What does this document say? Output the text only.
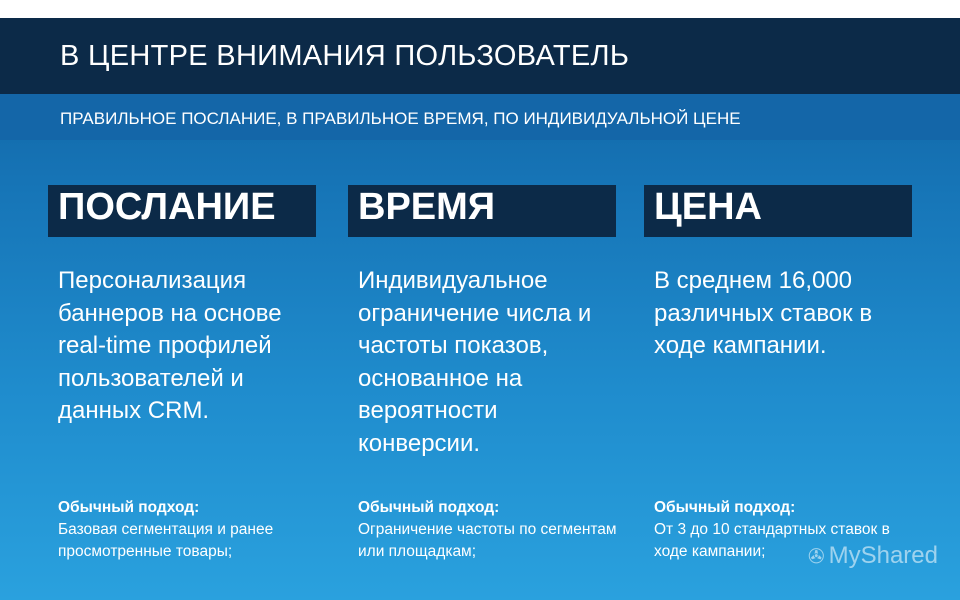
В ЦЕНТРЕ ВНИМАНИЯ ПОЛЬЗОВАТЕЛЬ
ПРАВИЛЬНОЕ ПОСЛАНИЕ, В ПРАВИЛЬНОЕ ВРЕМЯ, ПО ИНДИВИДУАЛЬНОЙ ЦЕНЕ
ПОСЛАНИЕ
Персонализация баннеров на основе real-time профилей пользователей и данных CRM.
Обычный подход:
Базовая сегментация и ранее просмотренные товары;
ВРЕМЯ
Индивидуальное ограничение числа и частоты показов, основанное на вероятности конверсии.
Обычный подход:
Ограничение частоты по сегментам или площадкам;
ЦЕНА
В среднем 16,000 различных ставок в ходе кампании.
Обычный подход:
От 3 до 10 стандартных ставок в ходе кампании;	✇ MyShared
